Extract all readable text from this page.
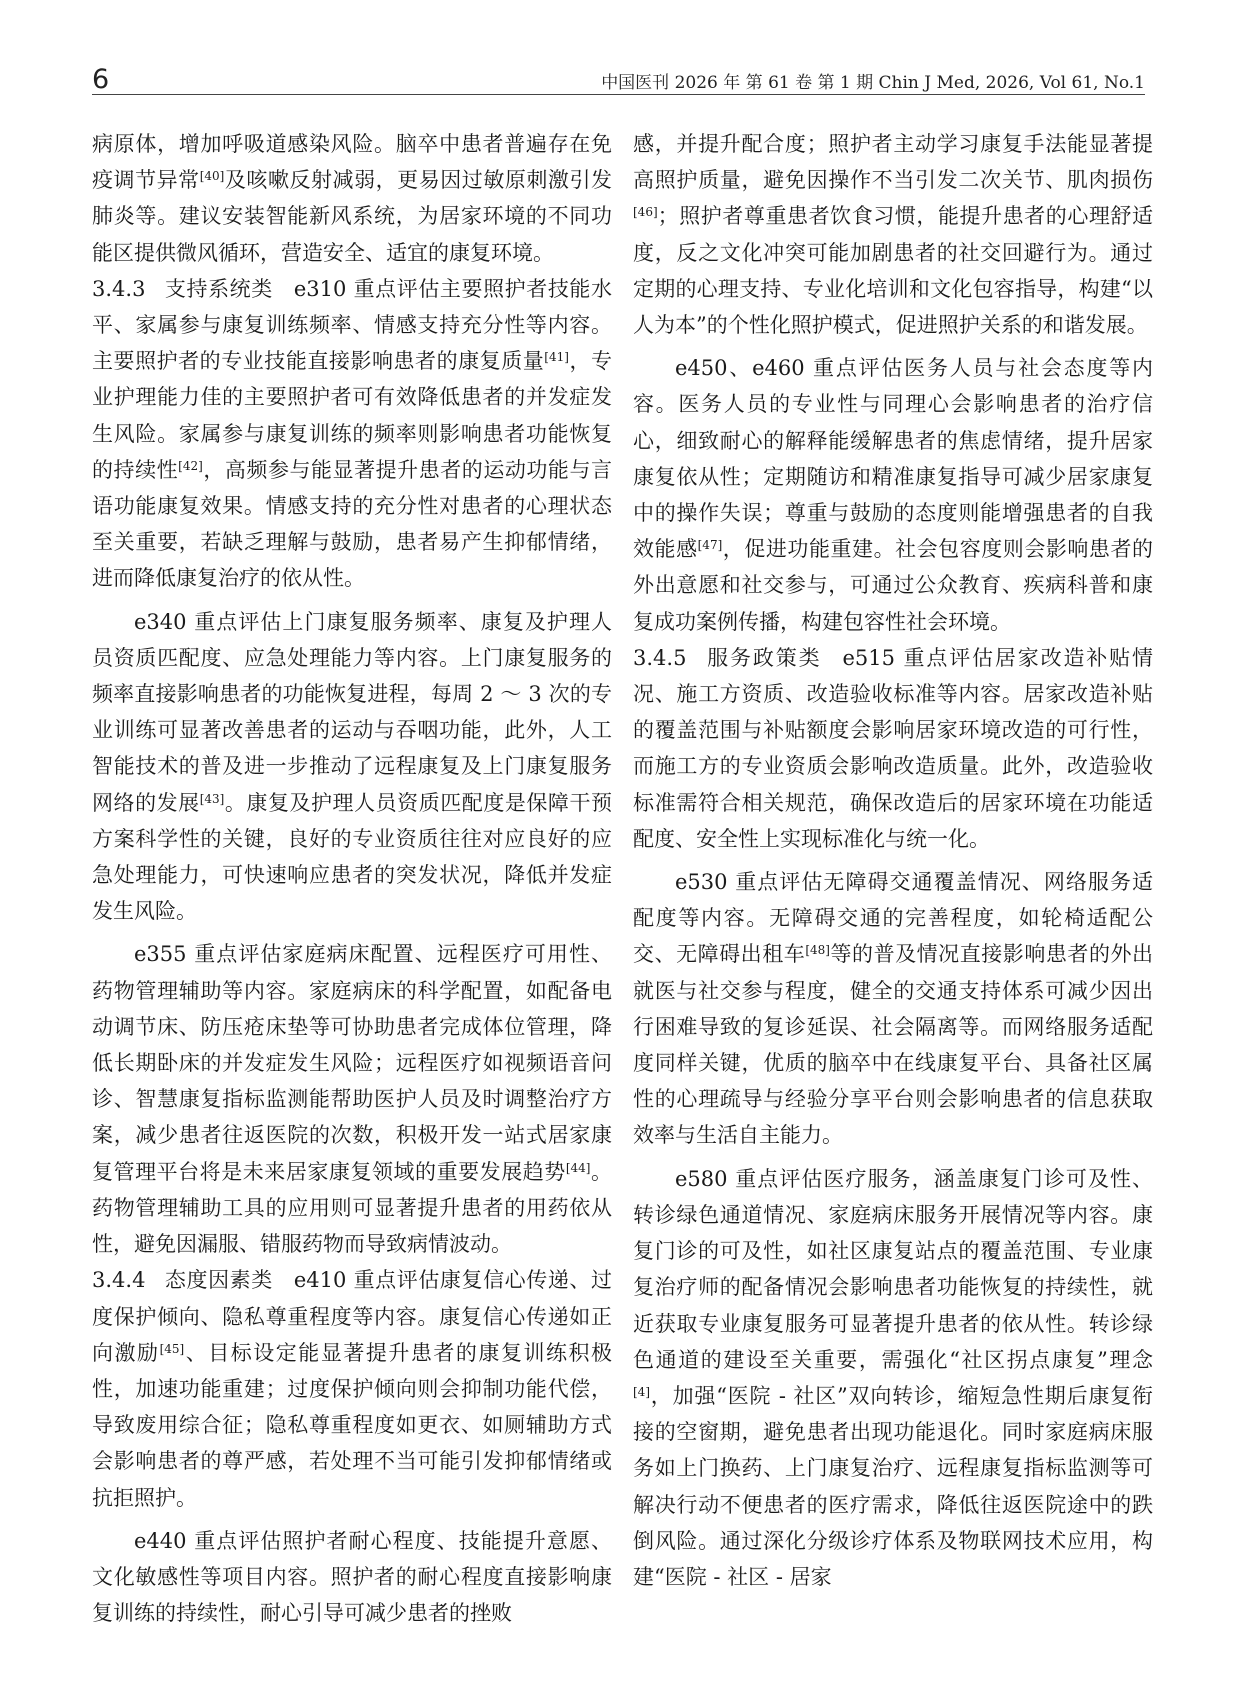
6	中国医刊 2026 年 第 61 卷 第 1 期 Chin J Med, 2026, Vol 61, No.1

病原体，增加呼吸道感染风险。脑卒中患者普遍存在免疫调节异常[40]及咳嗽反射减弱，更易因过敏原刺激引发肺炎等。建议安装智能新风系统，为居家环境的不同功能区提供微风循环，营造安全、适宜的康复环境。

3.4.3 支持系统类 e310 重点评估主要照护者技能水平、家属参与康复训练频率、情感支持充分性等内容。主要照护者的专业技能直接影响患者的康复质量[41]，专业护理能力佳的主要照护者可有效降低患者的并发症发生风险。家属参与康复训练的频率则影响患者功能恢复的持续性[42]，高频参与能显著提升患者的运动功能与言语功能康复效果。情感支持的充分性对患者的心理状态至关重要，若缺乏理解与鼓励，患者易产生抑郁情绪，进而降低康复治疗的依从性。

e340 重点评估上门康复服务频率、康复及护理人员资质匹配度、应急处理能力等内容。上门康复服务的频率直接影响患者的功能恢复进程，每周 2 ～ 3 次的专业训练可显著改善患者的运动与吞咽功能，此外，人工智能技术的普及进一步推动了远程康复及上门康复服务网络的发展[43]。康复及护理人员资质匹配度是保障干预方案科学性的关键，良好的专业资质往往对应良好的应急处理能力，可快速响应患者的突发状况，降低并发症发生风险。

e355 重点评估家庭病床配置、远程医疗可用性、药物管理辅助等内容。家庭病床的科学配置，如配备电动调节床、防压疮床垫等可协助患者完成体位管理，降低长期卧床的并发症发生风险；远程医疗如视频语音问诊、智慧康复指标监测能帮助医护人员及时调整治疗方案，减少患者往返医院的次数，积极开发一站式居家康复管理平台将是未来居家康复领域的重要发展趋势[44]。药物管理辅助工具的应用则可显著提升患者的用药依从性，避免因漏服、错服药物而导致病情波动。

3.4.4 态度因素类 e410 重点评估康复信心传递、过度保护倾向、隐私尊重程度等内容。康复信心传递如正向激励[45]、目标设定能显著提升患者的康复训练积极性，加速功能重建；过度保护倾向则会抑制功能代偿，导致废用综合征；隐私尊重程度如更衣、如厕辅助方式会影响患者的尊严感，若处理不当可能引发抑郁情绪或抗拒照护。

e440 重点评估照护者耐心程度、技能提升意愿、文化敏感性等项目内容。照护者的耐心程度直接影响康复训练的持续性，耐心引导可减少患者的挫败

感，并提升配合度；照护者主动学习康复手法能显著提高照护质量，避免因操作不当引发二次关节、肌肉损伤[46]；照护者尊重患者饮食习惯，能提升患者的心理舒适度，反之文化冲突可能加剧患者的社交回避行为。通过定期的心理支持、专业化培训和文化包容指导，构建“以人为本”的个性化照护模式，促进照护关系的和谐发展。

e450、e460 重点评估医务人员与社会态度等内容。医务人员的专业性与同理心会影响患者的治疗信心，细致耐心的解释能缓解患者的焦虑情绪，提升居家康复依从性；定期随访和精准康复指导可减少居家康复中的操作失误；尊重与鼓励的态度则能增强患者的自我效能感[47]，促进功能重建。社会包容度则会影响患者的外出意愿和社交参与，可通过公众教育、疾病科普和康复成功案例传播，构建包容性社会环境。

3.4.5 服务政策类 e515 重点评估居家改造补贴情况、施工方资质、改造验收标准等内容。居家改造补贴的覆盖范围与补贴额度会影响居家环境改造的可行性，而施工方的专业资质会影响改造质量。此外，改造验收标准需符合相关规范，确保改造后的居家环境在功能适配度、安全性上实现标准化与统一化。

e530 重点评估无障碍交通覆盖情况、网络服务适配度等内容。无障碍交通的完善程度，如轮椅适配公交、无障碍出租车[48]等的普及情况直接影响患者的外出就医与社交参与程度，健全的交通支持体系可减少因出行困难导致的复诊延误、社会隔离等。而网络服务适配度同样关键，优质的脑卒中在线康复平台、具备社区属性的心理疏导与经验分享平台则会影响患者的信息获取效率与生活自主能力。

e580 重点评估医疗服务，涵盖康复门诊可及性、转诊绿色通道情况、家庭病床服务开展情况等内容。康复门诊的可及性，如社区康复站点的覆盖范围、专业康复治疗师的配备情况会影响患者功能恢复的持续性，就近获取专业康复服务可显著提升患者的依从性。转诊绿色通道的建设至关重要，需强化“社区拐点康复”理念[4]，加强“医院 - 社区”双向转诊，缩短急性期后康复衔接的空窗期，避免患者出现功能退化。同时家庭病床服务如上门换药、上门康复治疗、远程康复指标监测等可解决行动不便患者的医疗需求，降低往返医院途中的跌倒风险。通过深化分级诊疗体系及物联网技术应用，构建“医院 - 社区 - 居家
